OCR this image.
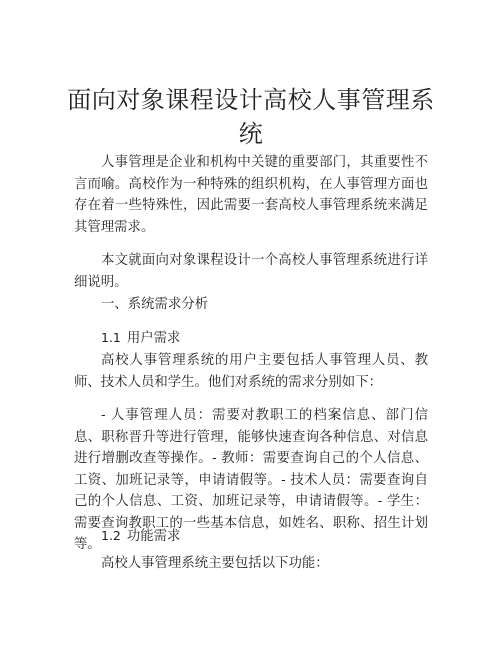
面向对象课程设计高校人事管理系统

人事管理是企业和机构中关键的重要部门，其重要性不言而喻。高校作为一种特殊的组织机构，在人事管理方面也存在着一些特殊性，因此需要一套高校人事管理系统来满足其管理需求。

本文就面向对象课程设计一个高校人事管理系统进行详细说明。

一、系统需求分析

1.1 用户需求

高校人事管理系统的用户主要包括人事管理人员、教师、技术人员和学生。他们对系统的需求分别如下：

- 人事管理人员：需要对教职工的档案信息、部门信息、职称晋升等进行管理，能够快速查询各种信息、对信息进行增删改查等操作。- 教师：需要查询自己的个人信息、工资、加班记录等，申请请假等。- 技术人员：需要查询自己的个人信息、工资、加班记录等，申请请假等。- 学生：需要查询教职工的一些基本信息，如姓名、职称、招生计划等。

1.2 功能需求

高校人事管理系统主要包括以下功能：
